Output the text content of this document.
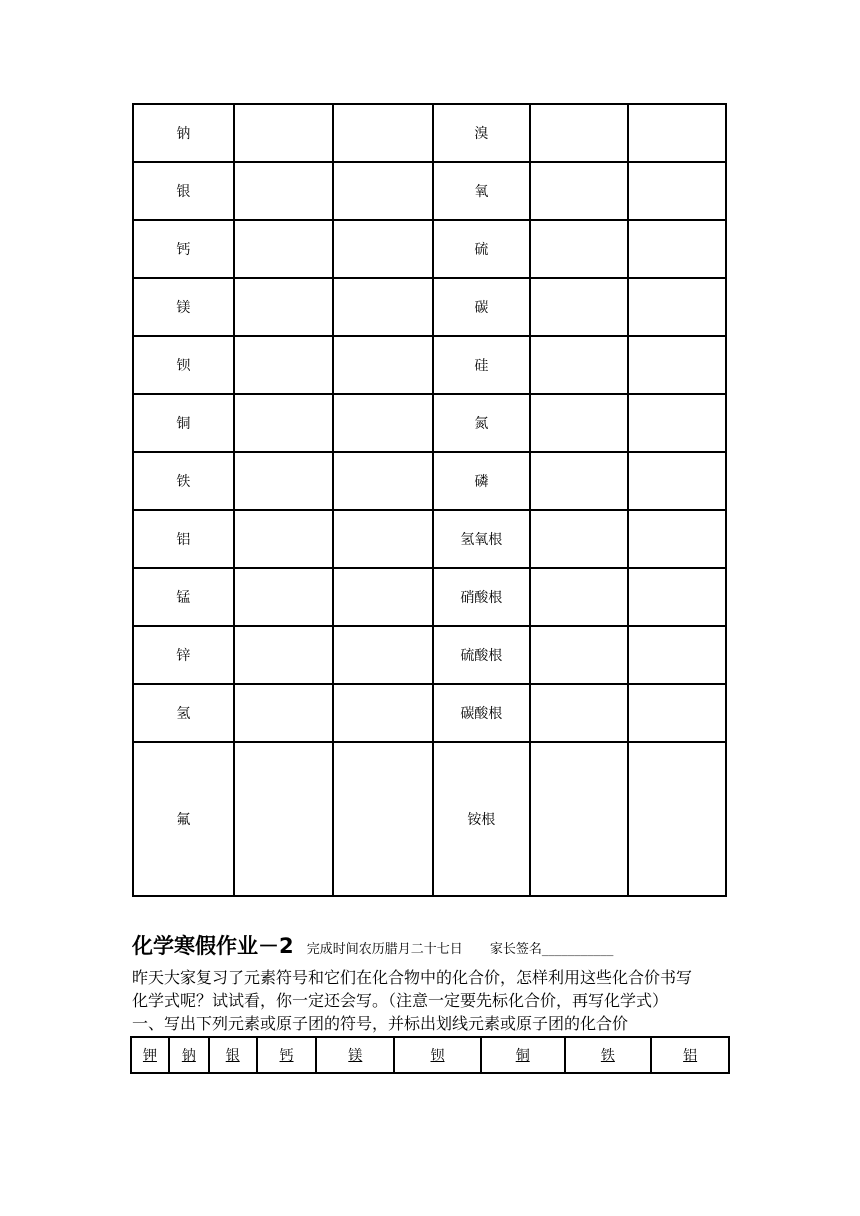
钠			溴		
银			氧		
钙			硫		
镁			碳		
钡			硅		
铜			氮		
铁			磷		
铝			氢氧根		
锰			硝酸根		
锌			硫酸根		
氢			碳酸根		
氟			铵根		
化学寒假作业－2 完成时间农历腊月二十七日 家长签名___________

昨天大家复习了元素符号和它们在化合物中的化合价，怎样利用这些化合价书写

化学式呢？试试看，你一定还会写。（注意一定要先标化合价，再写化学式）

一、写出下列元素或原子团的符号，并标出划线元素或原子团的化合价

钾	钠	银	钙	镁	钡	铜	铁	铝
